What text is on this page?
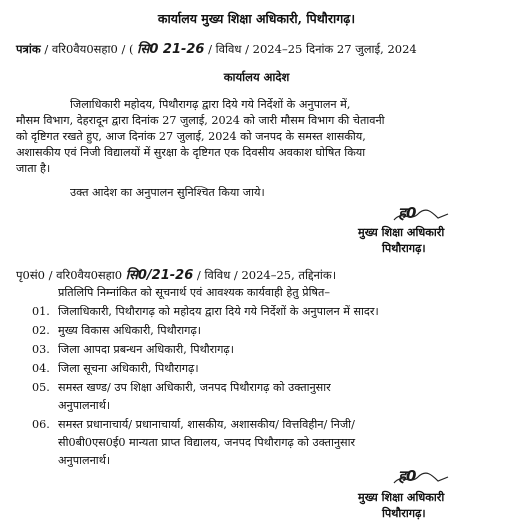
कार्यालय मुख्य शिक्षा अधिकारी, पिथौरागढ़।
पत्रांक / वरि0वैय0सहा0 / ( सि0 21-26 / विविध / 2024–25 दिनांक 27 जुलाई, 2024
कार्यालय आदेश
जिलाधिकारी महोदय, पिथौरागढ़ द्वारा दिये गये निर्देशों के अनुपालन में,
मौसम विभाग, देहरादून द्वारा दिनांक 27 जुलाई, 2024 को जारी मौसम विभाग की चेतावनी
को दृष्टिगत रखते हुए, आज दिनांक 27 जुलाई, 2024 को जनपद के समस्त शासकीय,
अशासकीय एवं निजी विद्यालयों में सुरक्षा के दृष्टिगत एक दिवसीय अवकाश घोषित किया
जाता है।
उक्त आदेश का अनुपालन सुनिश्चित किया जाये।
ह0
मुख्य शिक्षा अधिकारी
पिथौरागढ़।
पृ0सं0 / वरि0वैय0सहा0 सि0/21-26 / विविध / 2024–25, तद्दिनांक।
प्रतिलिपि निम्नांकित को सूचनार्थ एवं आवश्यक कार्यवाही हेतु प्रेषित–
01. जिलाधिकारी, पिथौरागढ़ को महोदय द्वारा दिये गये निर्देशों के अनुपालन में सादर।
02. मुख्य विकास अधिकारी, पिथौरागढ़।
03. जिला आपदा प्रबन्धन अधिकारी, पिथौरागढ़।
04. जिला सूचना अधिकारी, पिथौरागढ़।
05. समस्त खण्ड/ उप शिक्षा अधिकारी, जनपद पिथौरागढ़ को उक्तानुसार
अनुपालनार्थ।
06. समस्त प्रधानाचार्य/ प्रधानाचार्या, शासकीय, अशासकीय/ वित्तविहीन/ निजी/
सी0बी0एस0ई0 मान्यता प्राप्त विद्यालय, जनपद पिथौरागढ़ को उक्तानुसार
अनुपालनार्थ।
ह0
मुख्य शिक्षा अधिकारी
पिथौरागढ़।
